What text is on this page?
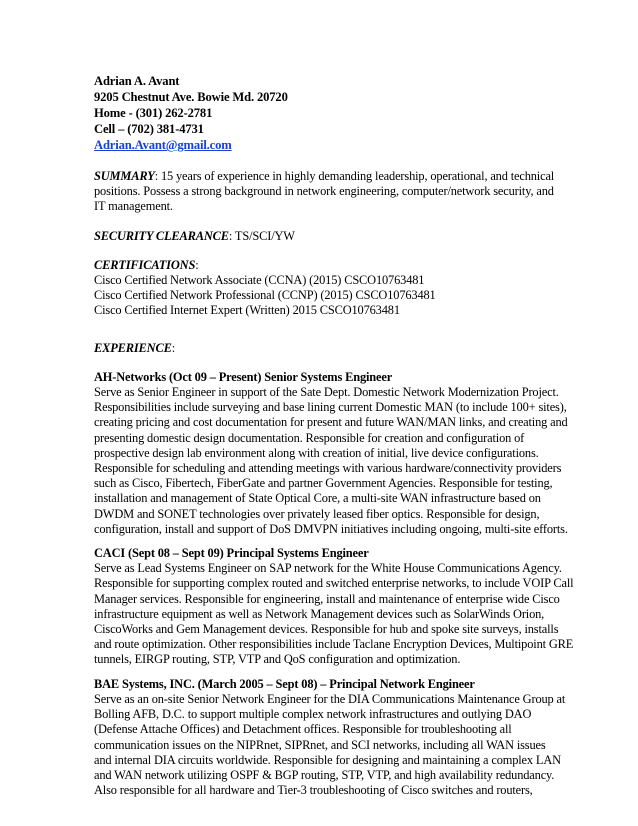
Adrian A. Avant
9205 Chestnut Ave. Bowie Md. 20720
Home - (301) 262-2781
Cell – (702) 381-4731
Adrian.Avant@gmail.com
SUMMARY: 15 years of experience in highly demanding leadership, operational, and technical
positions. Possess a strong background in network engineering, computer/network security, and
IT management.
SECURITY CLEARANCE: TS/SCI/YW
CERTIFICATIONS:
Cisco Certified Network Associate (CCNA) (2015) CSCO10763481
Cisco Certified Network Professional (CCNP) (2015) CSCO10763481
Cisco Certified Internet Expert (Written) 2015 CSCO10763481
EXPERIENCE:
AH-Networks (Oct 09 – Present) Senior Systems Engineer
Serve as Senior Engineer in support of the Sate Dept. Domestic Network Modernization Project.
Responsibilities include surveying and base lining current Domestic MAN (to include 100+ sites),
creating pricing and cost documentation for present and future WAN/MAN links, and creating and
presenting domestic design documentation. Responsible for creation and configuration of
prospective design lab environment along with creation of initial, live device configurations.
Responsible for scheduling and attending meetings with various hardware/connectivity providers
such as Cisco, Fibertech, FiberGate and partner Government Agencies. Responsible for testing,
installation and management of State Optical Core, a multi-site WAN infrastructure based on
DWDM and SONET technologies over privately leased fiber optics. Responsible for design,
configuration, install and support of DoS DMVPN initiatives including ongoing, multi-site efforts.
CACI (Sept 08 – Sept 09) Principal Systems Engineer
Serve as Lead Systems Engineer on SAP network for the White House Communications Agency.
Responsible for supporting complex routed and switched enterprise networks, to include VOIP Call
Manager services. Responsible for engineering, install and maintenance of enterprise wide Cisco
infrastructure equipment as well as Network Management devices such as SolarWinds Orion,
CiscoWorks and Gem Management devices. Responsible for hub and spoke site surveys, installs
and route optimization. Other responsibilities include Taclane Encryption Devices, Multipoint GRE
tunnels, EIRGP routing, STP, VTP and QoS configuration and optimization.
BAE Systems, INC. (March 2005 – Sept 08) – Principal Network Engineer
Serve as an on-site Senior Network Engineer for the DIA Communications Maintenance Group at
Bolling AFB, D.C. to support multiple complex network infrastructures and outlying DAO
(Defense Attache Offices) and Detachment offices. Responsible for troubleshooting all
communication issues on the NIPRnet, SIPRnet, and SCI networks, including all WAN issues
and internal DIA circuits worldwide. Responsible for designing and maintaining a complex LAN
and WAN network utilizing OSPF & BGP routing, STP, VTP, and high availability redundancy.
Also responsible for all hardware and Tier-3 troubleshooting of Cisco switches and routers,
